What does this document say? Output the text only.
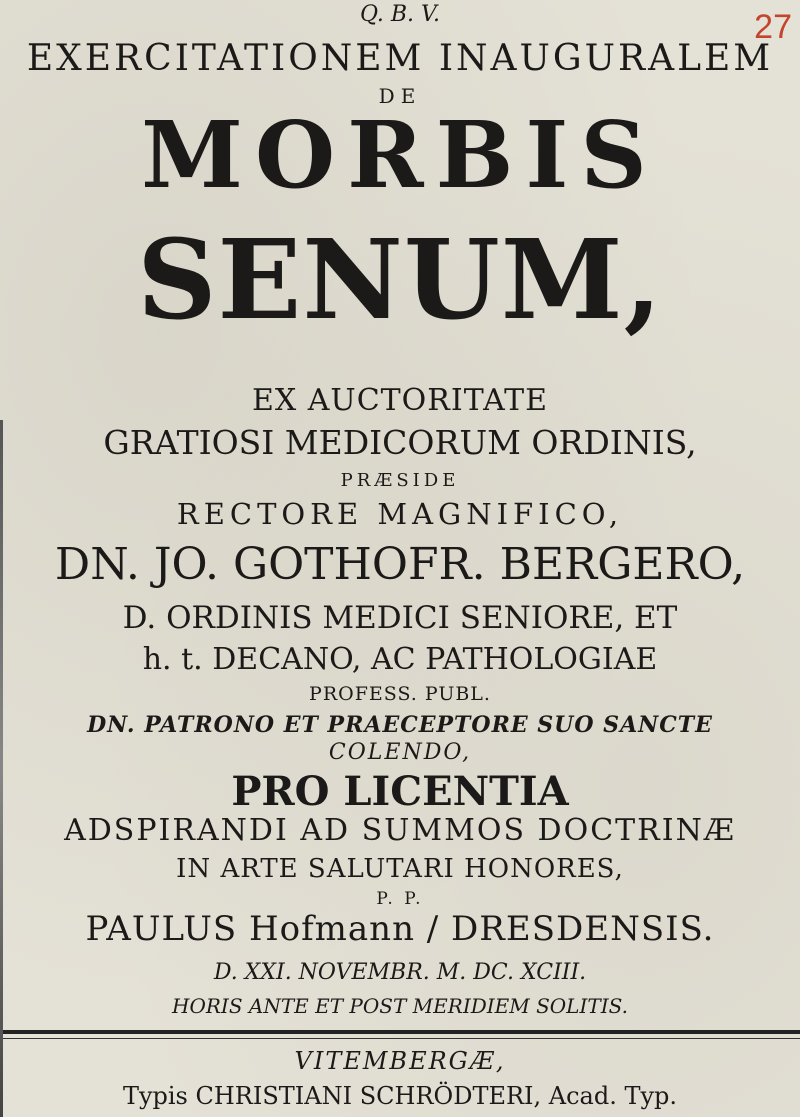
27
Q. B. V.
EXERCITATIONEM INAUGURALEM
DE
MORBIS
SENUM,
EX AUCTORITATE
GRATIOSI MEDICORUM ORDINIS,
PRÆSIDE
RECTORE MAGNIFICO,
DN. JO. GOTHOFR. BERGERO,
D. ORDINIS MEDICI SENIORE, ET
h. t. DECANO, AC PATHOLOGIAE
PROFESS. PUBL.
DN. PATRONO ET PRAECEPTORE SUO SANCTE
COLENDO,
PRO LICENTIA
ADSPIRANDI AD SUMMOS DOCTRINÆ
IN ARTE SALUTARI HONORES,
P. P.
PAULUS Hofmann / DRESDENSIS.
D. XXI. NOVEMBR. M. DC. XCIII.
HORIS ANTE ET POST MERIDIEM SOLITIS.
VITEMBERGÆ,
Typis CHRISTIANI SCHRÖDTERI, Acad. Typ.
